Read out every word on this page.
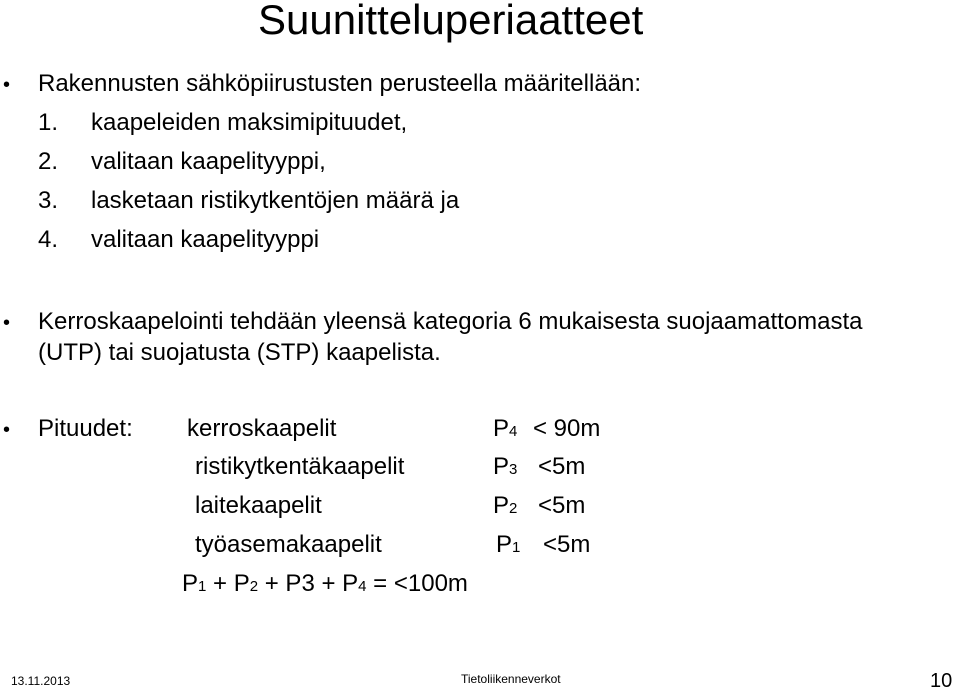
Suunitteluperiaatteet
• Rakennusten sähköpiirustusten perusteella määritellään:
1. kaapeleiden maksimipituudet,
2. valitaan kaapelityyppi,
3. lasketaan ristikytkentöjen määrä ja
4. valitaan kaapelityyppi
• Kerroskaapelointi tehdään yleensä kategoria 6 mukaisesta suojaamattomasta
(UTP) tai suojatusta (STP) kaapelista.
• Pituudet: kerroskaapelit	P4 < 90m
ristikytkentäkaapelit	P3 <5m
laitekaapelit	P2 <5m
työasemakaapelit	P1 <5m
P1 + P2 + P3 + P4 = <100m
13.11.2013	Tietoliikenneverkot	10
